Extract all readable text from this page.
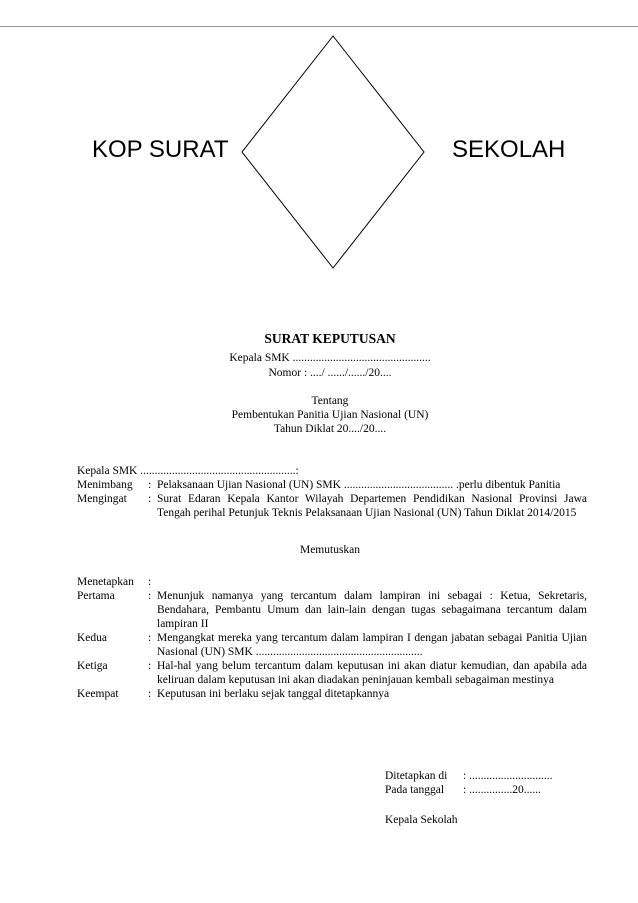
KOP SURAT	SEKOLAH
SURAT KEPUTUSAN
Kepala SMK ................................................
Nomor : ..../ ....../....../20....
Tentang
Pembentukan Panitia Ujian Nasional (UN)
Tahun Diklat 20..../20....
Kepala SMK ......................................................:
Menimbang	: Pelaksanaan Ujian Nasional (UN) SMK ...................................... .perlu dibentuk Panitia
Mengingat	: Surat Edaran Kepala Kantor Wilayah Departemen Pendidikan Nasional Provinsi Jawa Tengah perihal Petunjuk Teknis Pelaksanaan Ujian Nasional (UN) Tahun Diklat 2014/2015
Memutuskan
Menetapkan	:
Pertama	: Menunjuk namanya yang tercantum dalam lampiran ini sebagai : Ketua, Sekretaris, Bendahara, Pembantu Umum dan lain-lain dengan tugas sebagaimana tercantum dalam lampiran II
Kedua	: Mengangkat mereka yang tercantum dalam lampiran I dengan jabatan sebagai Panitia Ujian Nasional (UN) SMK ..........................................................
Ketiga	: Hal-hal yang belum tercantum dalam keputusan ini akan diatur kemudian, dan apabila ada keliruan dalam keputusan ini akan diadakan peninjauan kembali sebagaiman mestinya
Keempat	: Keputusan ini berlaku sejak tanggal ditetapkannya
Ditetapkan di	: .............................
Pada tanggal	: ...............20......
Kepala Sekolah
